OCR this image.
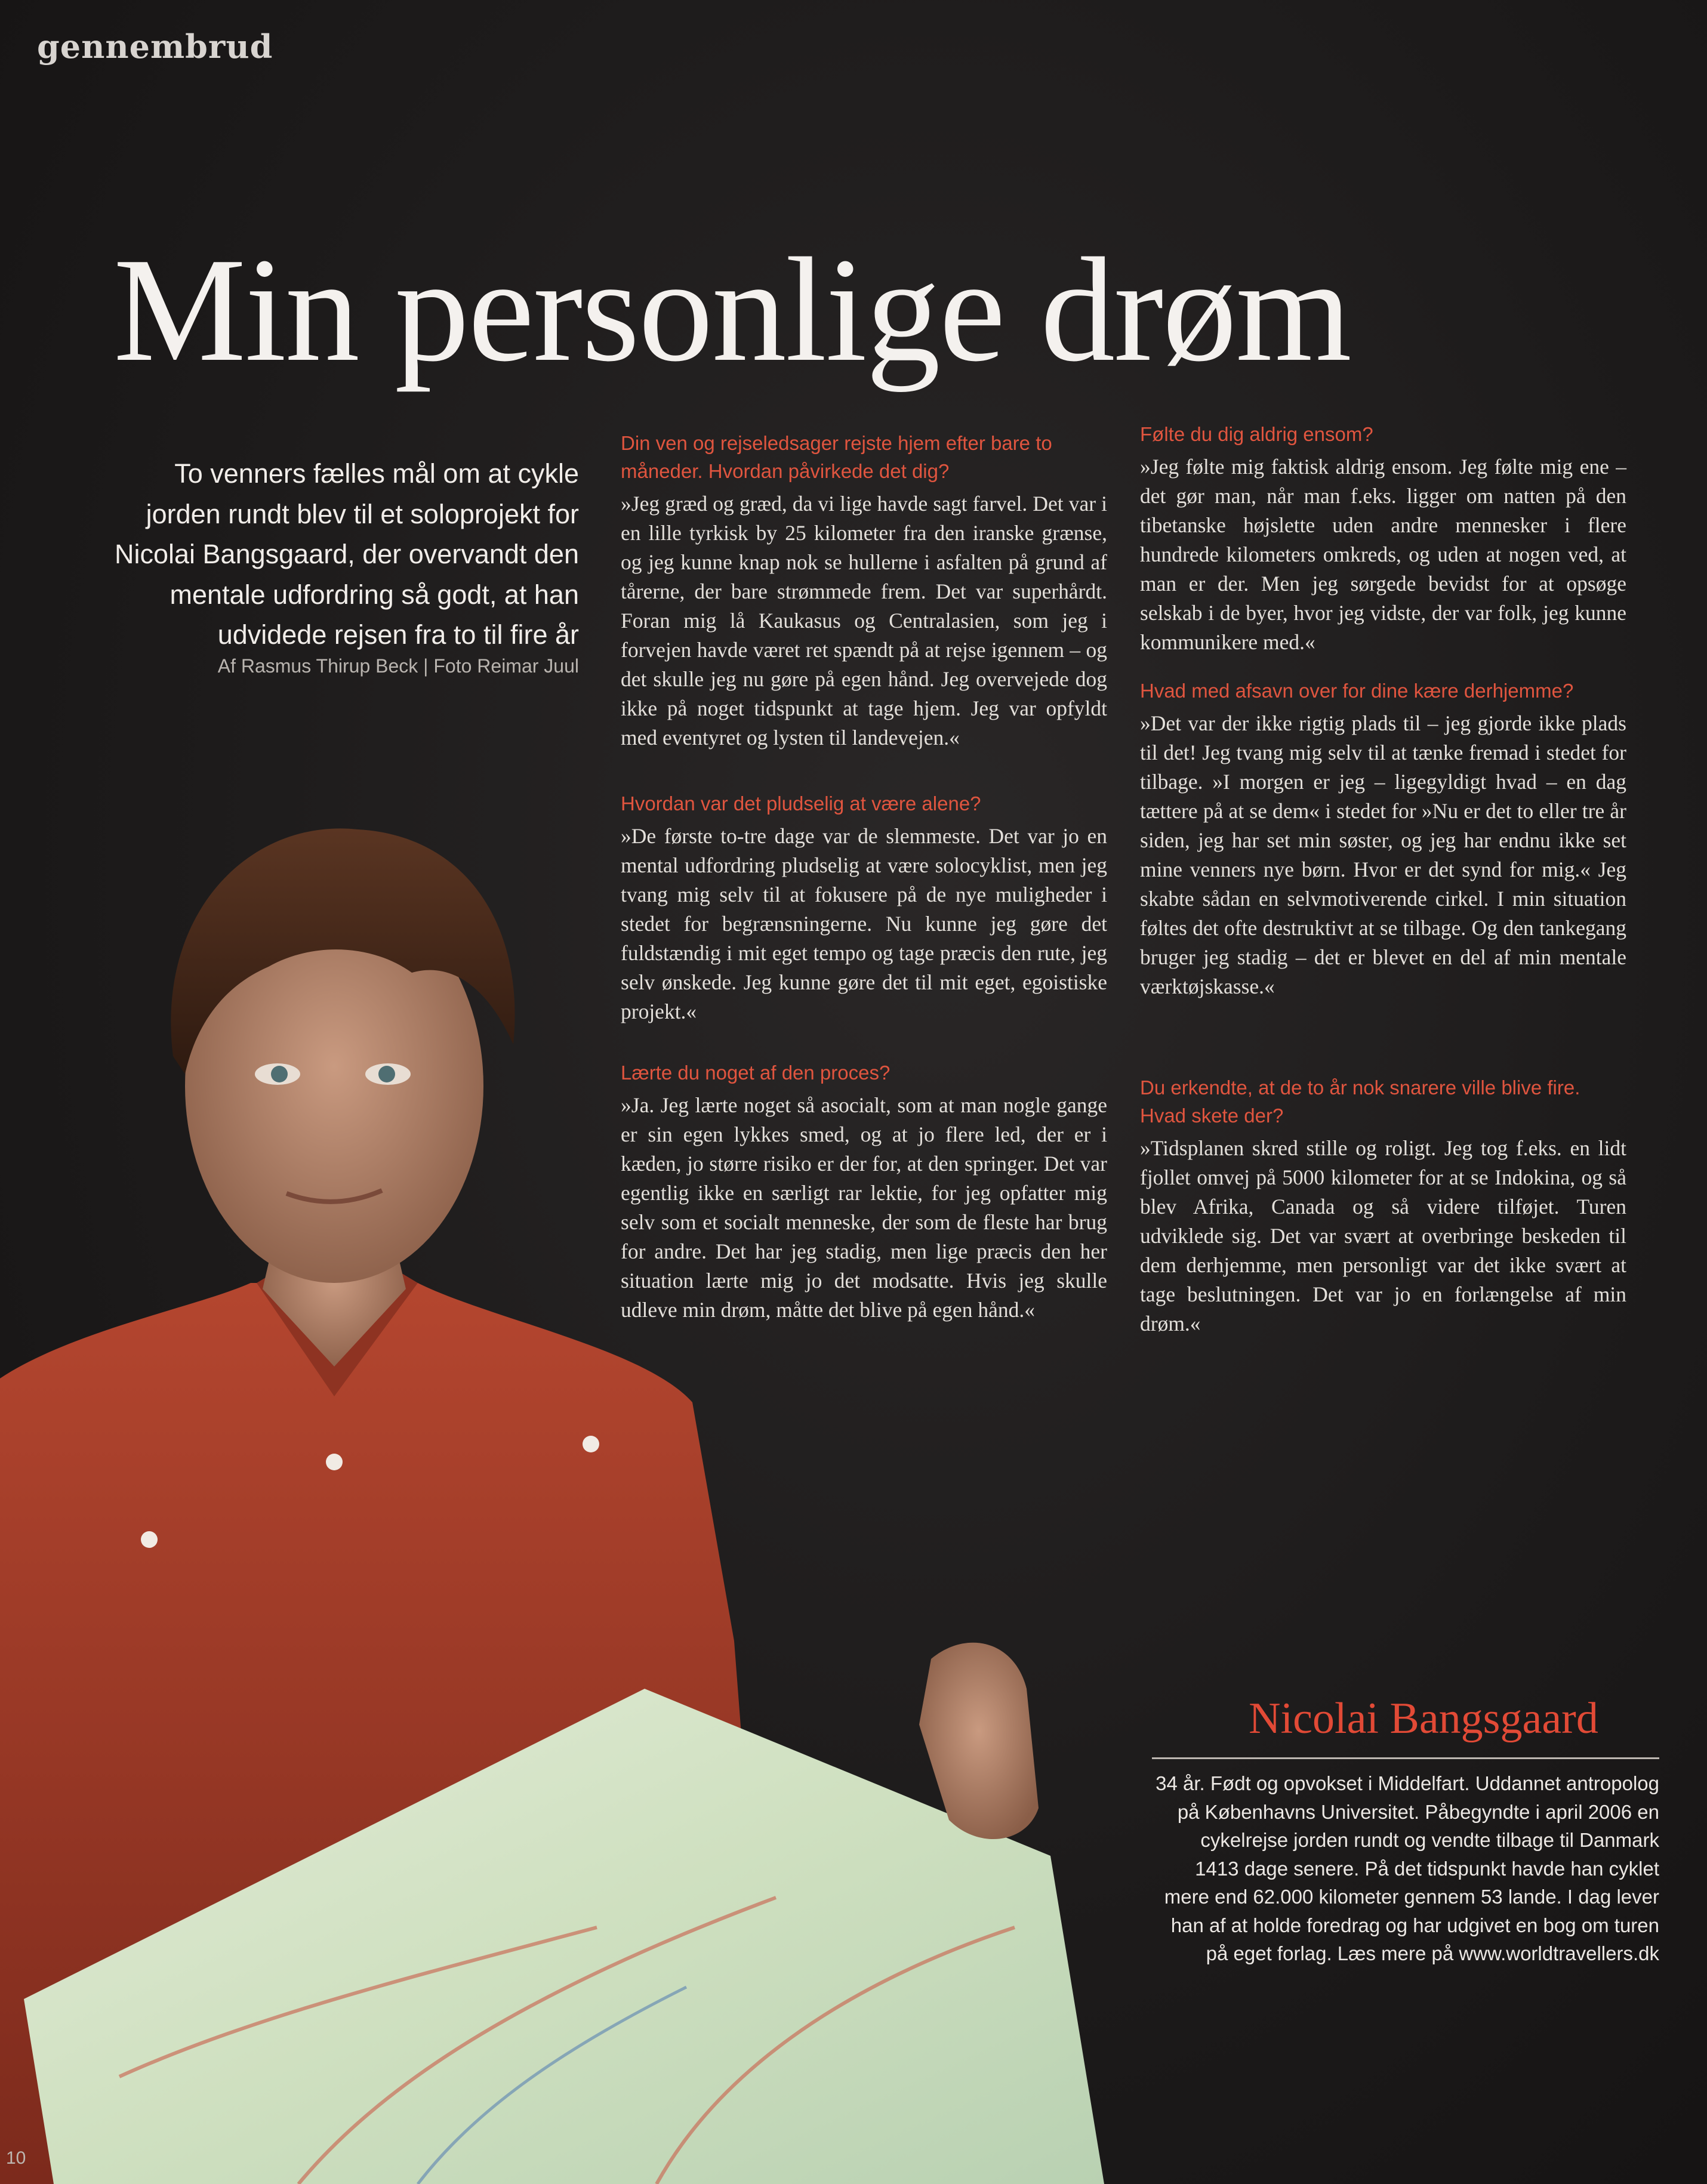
gennembrud
Min personlige drøm
To venners fælles mål om at cykle jorden rundt blev til et soloprojekt for Nicolai Bangsgaard, der overvandt den mentale udfordring så godt, at han udvidede rejsen fra to til fire år
Af Rasmus Thirup Beck | Foto Reimar Juul

Din ven og rejseledsager rejste hjem efter bare to måneder. Hvordan påvirkede det dig?

»Jeg græd og græd, da vi lige havde sagt farvel. Det var i en lille tyrkisk by 25 kilometer fra den iranske grænse, og jeg kunne knap nok se hullerne i asfalten på grund af tårerne, der bare strømmede frem. Det var superhårdt. Foran mig lå Kaukasus og Centralasien, som jeg i forvejen havde været ret spændt på at rejse igennem – og det skulle jeg nu gøre på egen hånd. Jeg overvejede dog ikke på noget tidspunkt at tage hjem. Jeg var opfyldt med eventyret og lysten til landevejen.«

Hvordan var det pludselig at være alene?

»De første to-tre dage var de slemmeste. Det var jo en mental udfordring pludselig at være solocyklist, men jeg tvang mig selv til at fokusere på de nye muligheder i stedet for begrænsningerne. Nu kunne jeg gøre det fuldstændig i mit eget tempo og tage præcis den rute, jeg selv ønskede. Jeg kunne gøre det til mit eget, egoistiske projekt.«

Lærte du noget af den proces?

»Ja. Jeg lærte noget så asocialt, som at man nogle gange er sin egen lykkes smed, og at jo flere led, der er i kæden, jo større risiko er der for, at den springer. Det var egentlig ikke en særligt rar lektie, for jeg opfatter mig selv som et socialt menneske, der som de fleste har brug for andre. Det har jeg stadig, men lige præcis den her situation lærte mig jo det modsatte. Hvis jeg skulle udleve min drøm, måtte det blive på egen hånd.«

Følte du dig aldrig ensom?

»Jeg følte mig faktisk aldrig ensom. Jeg følte mig ene – det gør man, når man f.eks. ligger om natten på den tibetanske højslette uden andre mennesker i flere hundrede kilometers omkreds, og uden at nogen ved, at man er der. Men jeg sørgede bevidst for at opsøge selskab i de byer, hvor jeg vidste, der var folk, jeg kunne kommunikere med.«

Hvad med afsavn over for dine kære derhjemme?

»Det var der ikke rigtig plads til – jeg gjorde ikke plads til det! Jeg tvang mig selv til at tænke fremad i stedet for tilbage. »I morgen er jeg – ligegyldigt hvad – en dag tættere på at se dem« i stedet for »Nu er det to eller tre år siden, jeg har set min søster, og jeg har endnu ikke set mine venners nye børn. Hvor er det synd for mig.« Jeg skabte sådan en selvmotiverende cirkel. I min situation føltes det ofte destruktivt at se tilbage. Og den tankegang bruger jeg stadig – det er blevet en del af min mentale værktøjskasse.«

Du erkendte, at de to år nok snarere ville blive fire. Hvad skete der?

»Tidsplanen skred stille og roligt. Jeg tog f.eks. en lidt fjollet omvej på 5000 kilometer for at se Indokina, og så blev Afrika, Canada og så videre tilføjet. Turen udviklede sig. Det var svært at overbringe beskeden til dem derhjemme, men personligt var det ikke svært at tage beslutningen. Det var jo en forlængelse af min drøm.«

Nicolai Bangsgaard
34 år. Født og opvokset i Middelfart. Uddannet antropolog på Københavns Universitet. Påbegyndte i april 2006 en cykelrejse jorden rundt og vendte tilbage til Danmark 1413 dage senere. På det tidspunkt havde han cyklet mere end 62.000 kilometer gennem 53 lande. I dag lever han af at holde foredrag og har udgivet en bog om turen på eget forlag. Læs mere på www.worldtravellers.dk
10
